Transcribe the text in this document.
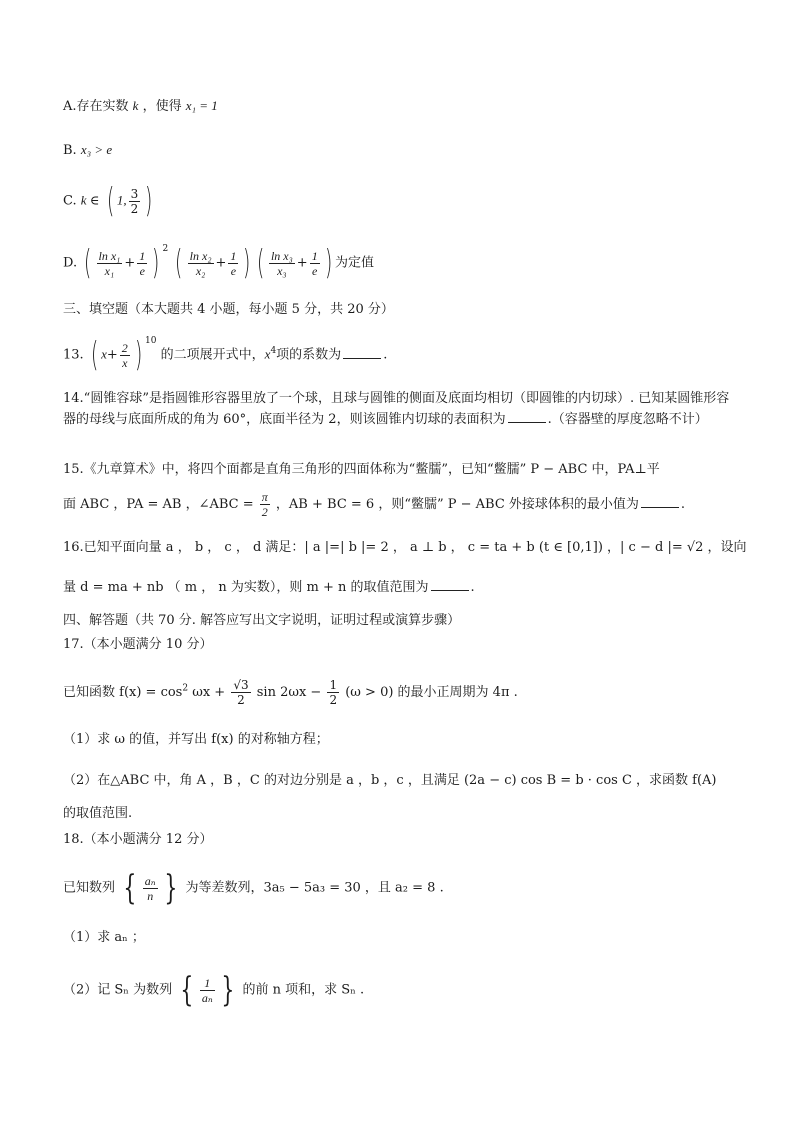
A.存在实数 k ，使得 x₁ = 1
B. x₃ > e
C. k ∈ ( 1, $\frac{3}{2}$ )
D. ( $\frac{\text{ln x₁}}{\text{x₁}} + \frac{1}{e}$ ) $^2$ ( $\frac{\text{ln x₂}}{\text{x₂}} + \frac{1}{e}$ ) ( $\frac{\text{ln x₃}}{\text{x₃}} + \frac{1}{e}$ ) 为定值
三、填空题（本大题共 4 小题，每小题 5 分，共 20 分）
13. ( $x+ \frac{2}{x}$ ) $^{10}$ 的二项展开式中，$x^4$项的系数为	.
14.“圆锥容球”是指圆锥形容器里放了一个球，且球与圆锥的侧面及底面均相切（即圆锥的内切球）. 已知某圆锥形容器的母线与底面所成的角为 60°，底面半径为 2，则该圆锥内切球的表面积为	.（容器壁的厚度忽略不计）
15.《九章算术》中，将四个面都是直角三角形的四面体称为“鳖臑”，已知“鳖臑” P − ABC 中，PA⊥平
面 ABC ，PA = AB ，∠ABC = $\frac{\pi}{2}$ ，AB + BC = 6 ，则“鳖臑” P − ABC 外接球体积的最小值为	.
16.已知平面向量 a ， b ， c ， d 满足：| a |=| b |= 2 ， a ⊥ b ， c = ta + b (t ∈ [0,1]) ，| c − d |= √2 ，设向
量 d = ma + nb （ m ， n 为实数），则 m + n 的取值范围为	.
四、解答题（共 70 分. 解答应写出文字说明，证明过程或演算步骤）
17.（本小题满分 10 分）
已知函数 $f(x) = \cos^2 \omega x + \frac{√3}{2}$ $\sin 2\omega x - \frac{1}{2} (\omega > 0)$ 的最小正周期为 4π .
（1）求 ω 的值，并写出 f(x) 的对称轴方程；
（2）在△ABC 中，角 A ，B ，C 的对边分别是 a ，b ，c ，且满足 (2a − c) cos B = b · cos C ，求函数 f(A)
的取值范围.
18.（本小题满分 12 分）
已知数列 { $\frac{\text{aₙ}}{n}$ } 为等差数列，3a₅ − 5a₃ = 30 ，且 a₂ = 8 .
（1）求 aₙ ；
（2）记 Sₙ 为数列 { $\frac{1}{\text{aₙ}}$ } 的前 n 项和，求 Sₙ .
